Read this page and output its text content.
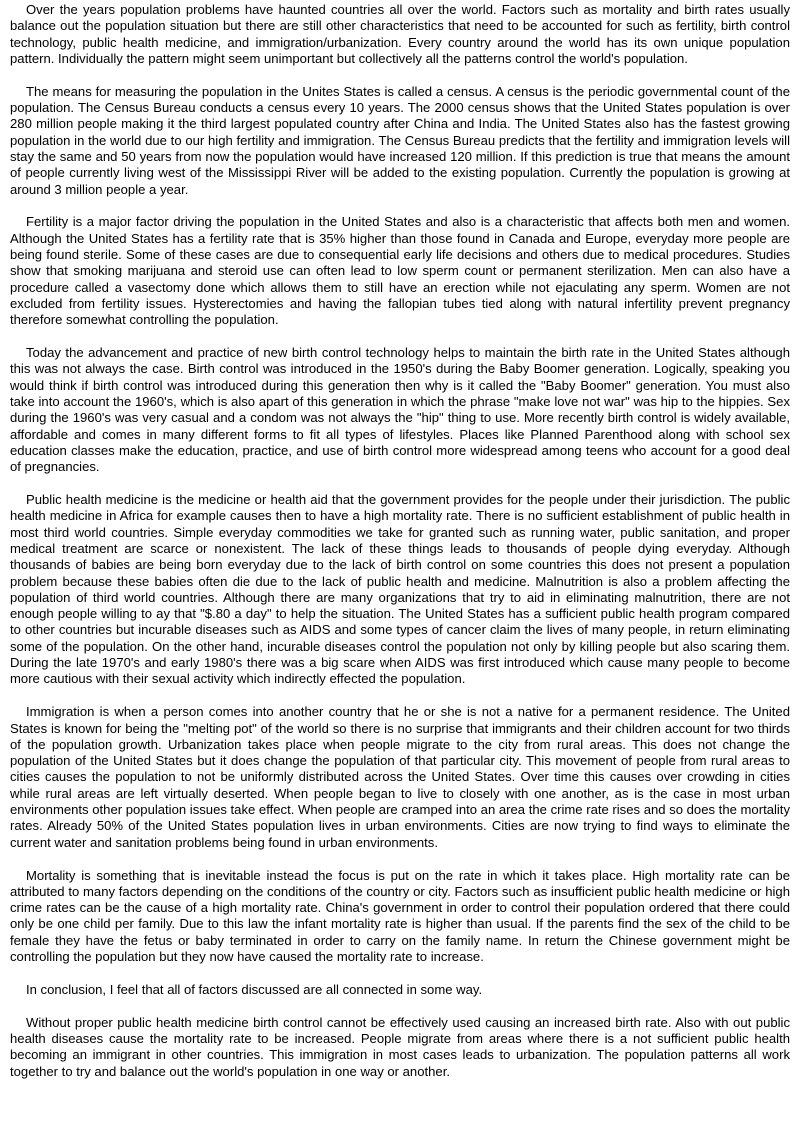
Over the years population problems have haunted countries all over the world. Factors such as mortality and birth rates usually balance out the population situation but there are still other characteristics that need to be accounted for such as fertility, birth control technology, public health medicine, and immigration/urbanization. Every country around the world has its own unique population pattern. Individually the pattern might seem unimportant but collectively all the patterns control the world's population.

The means for measuring the population in the Unites States is called a census. A census is the periodic governmental count of the population. The Census Bureau conducts a census every 10 years. The 2000 census shows that the United States population is over 280 million people making it the third largest populated country after China and India. The United States also has the fastest growing population in the world due to our high fertility and immigration. The Census Bureau predicts that the fertility and immigration levels will stay the same and 50 years from now the population would have increased 120 million. If this prediction is true that means the amount of people currently living west of the Mississippi River will be added to the existing population. Currently the population is growing at around 3 million people a year.

Fertility is a major factor driving the population in the United States and also is a characteristic that affects both men and women. Although the United States has a fertility rate that is 35% higher than those found in Canada and Europe, everyday more people are being found sterile. Some of these cases are due to consequential early life decisions and others due to medical procedures. Studies show that smoking marijuana and steroid use can often lead to low sperm count or permanent sterilization. Men can also have a procedure called a vasectomy done which allows them to still have an erection while not ejaculating any sperm. Women are not excluded from fertility issues. Hysterectomies and having the fallopian tubes tied along with natural infertility prevent pregnancy therefore somewhat controlling the population.

Today the advancement and practice of new birth control technology helps to maintain the birth rate in the United States although this was not always the case. Birth control was introduced in the 1950's during the Baby Boomer generation. Logically, speaking you would think if birth control was introduced during this generation then why is it called the "Baby Boomer" generation. You must also take into account the 1960's, which is also apart of this generation in which the phrase "make love not war" was hip to the hippies. Sex during the 1960's was very casual and a condom was not always the "hip" thing to use. More recently birth control is widely available, affordable and comes in many different forms to fit all types of lifestyles. Places like Planned Parenthood along with school sex education classes make the education, practice, and use of birth control more widespread among teens who account for a good deal of pregnancies.

Public health medicine is the medicine or health aid that the government provides for the people under their jurisdiction. The public health medicine in Africa for example causes then to have a high mortality rate. There is no sufficient establishment of public health in most third world countries. Simple everyday commodities we take for granted such as running water, public sanitation, and proper medical treatment are scarce or nonexistent. The lack of these things leads to thousands of people dying everyday. Although thousands of babies are being born everyday due to the lack of birth control on some countries this does not present a population problem because these babies often die due to the lack of public health and medicine. Malnutrition is also a problem affecting the population of third world countries. Although there are many organizations that try to aid in eliminating malnutrition, there are not enough people willing to ay that "$.80 a day" to help the situation. The United States has a sufficient public health program compared to other countries but incurable diseases such as AIDS and some types of cancer claim the lives of many people, in return eliminating some of the population. On the other hand, incurable diseases control the population not only by killing people but also scaring them. During the late 1970's and early 1980's there was a big scare when AIDS was first introduced which cause many people to become more cautious with their sexual activity which indirectly effected the population.

Immigration is when a person comes into another country that he or she is not a native for a permanent residence. The United States is known for being the "melting pot" of the world so there is no surprise that immigrants and their children account for two thirds of the population growth. Urbanization takes place when people migrate to the city from rural areas. This does not change the population of the United States but it does change the population of that particular city. This movement of people from rural areas to cities causes the population to not be uniformly distributed across the United States. Over time this causes over crowding in cities while rural areas are left virtually deserted. When people began to live to closely with one another, as is the case in most urban environments other population issues take effect. When people are cramped into an area the crime rate rises and so does the mortality rates. Already 50% of the United States population lives in urban environments. Cities are now trying to find ways to eliminate the current water and sanitation problems being found in urban environments.

Mortality is something that is inevitable instead the focus is put on the rate in which it takes place. High mortality rate can be attributed to many factors depending on the conditions of the country or city. Factors such as insufficient public health medicine or high crime rates can be the cause of a high mortality rate. China's government in order to control their population ordered that there could only be one child per family. Due to this law the infant mortality rate is higher than usual. If the parents find the sex of the child to be female they have the fetus or baby terminated in order to carry on the family name. In return the Chinese government might be controlling the population but they now have caused the mortality rate to increase.

In conclusion, I feel that all of factors discussed are all connected in some way.

Without proper public health medicine birth control cannot be effectively used causing an increased birth rate. Also with out public health diseases cause the mortality rate to be increased. People migrate from areas where there is a not sufficient public health becoming an immigrant in other countries. This immigration in most cases leads to urbanization. The population patterns all work together to try and balance out the world's population in one way or another.
